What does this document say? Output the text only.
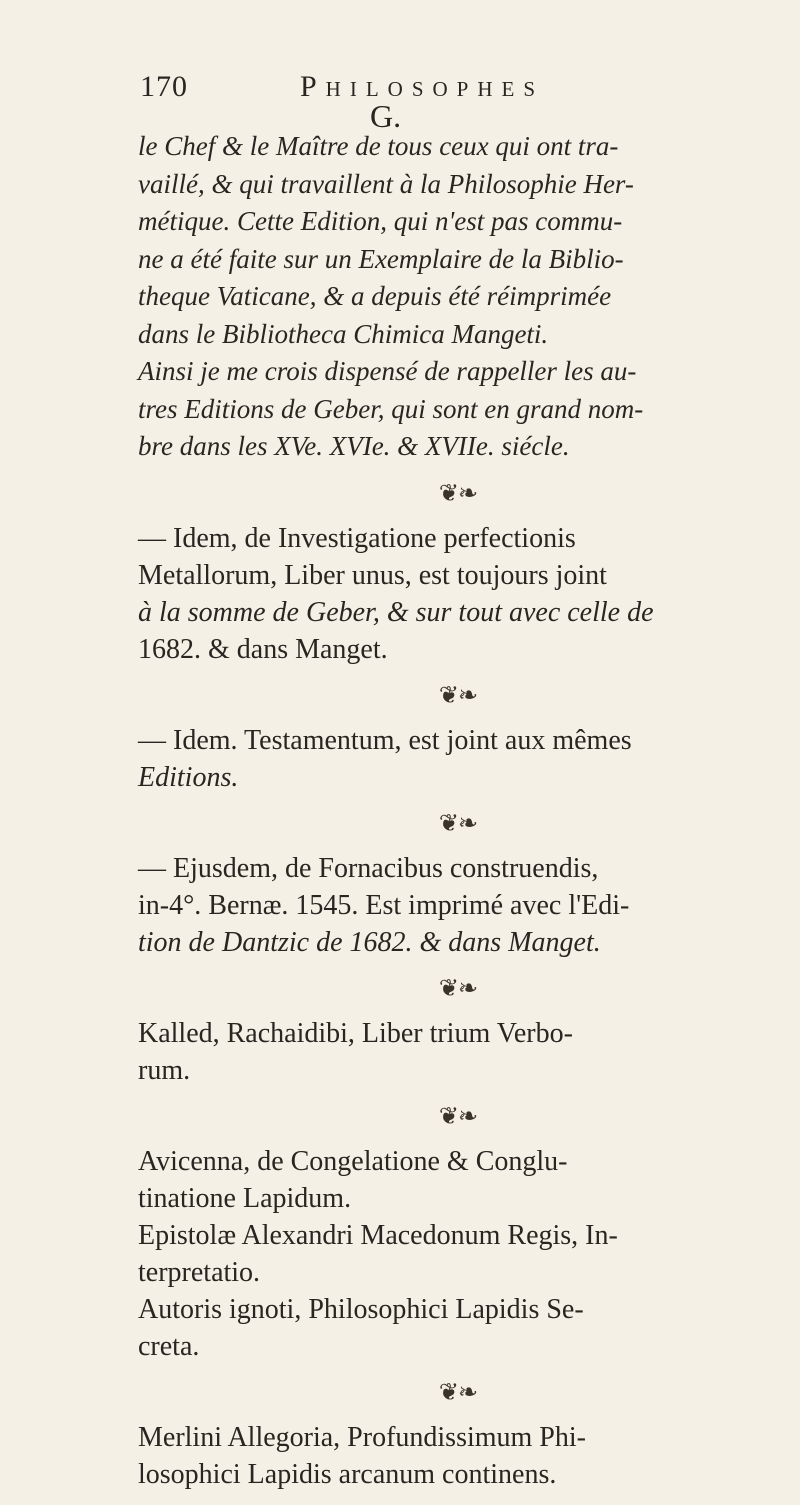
170	Philosophes
G.

le Chef & le Maître de tous ceux qui ont tra-
vaillé, & qui travaillent à la Philosophie Her-
métique. Cette Edition, qui n'est pas commu-
ne a été faite sur un Exemplaire de la Biblio-
theque Vaticane, & a depuis été réimprimée
dans le Bibliotheca Chimica Mangeti.
Ainsi je me crois dispensé de rappeller les au-
tres Editions de Geber, qui sont en grand nom-
bre dans les XVe. XVIe. & XVIIe. siécle.

❦❧

— Idem, de Investigatione perfectionis
Metallorum, Liber unus, est toujours joint
à la somme de Geber, & sur tout avec celle de
1682. & dans Manget.

❦❧

— Idem. Testamentum, est joint aux mêmes
Editions.

❦❧

— Ejusdem, de Fornacibus construendis,
in-4°. Bernæ. 1545. Est imprimé avec l'Edi-
tion de Dantzic de 1682. & dans Manget.

❦❧

Kalled, Rachaidibi, Liber trium Verbo-
rum.

❦❧

Avicenna, de Congelatione & Conglu-
tinatione Lapidum.
Epistolæ Alexandri Macedonum Regis, In-
terpretatio.
Autoris ignoti, Philosophici Lapidis Se-
creta.

❦❧

Merlini Allegoria, Profundissimum Phi-
losophici Lapidis arcanum continens.
